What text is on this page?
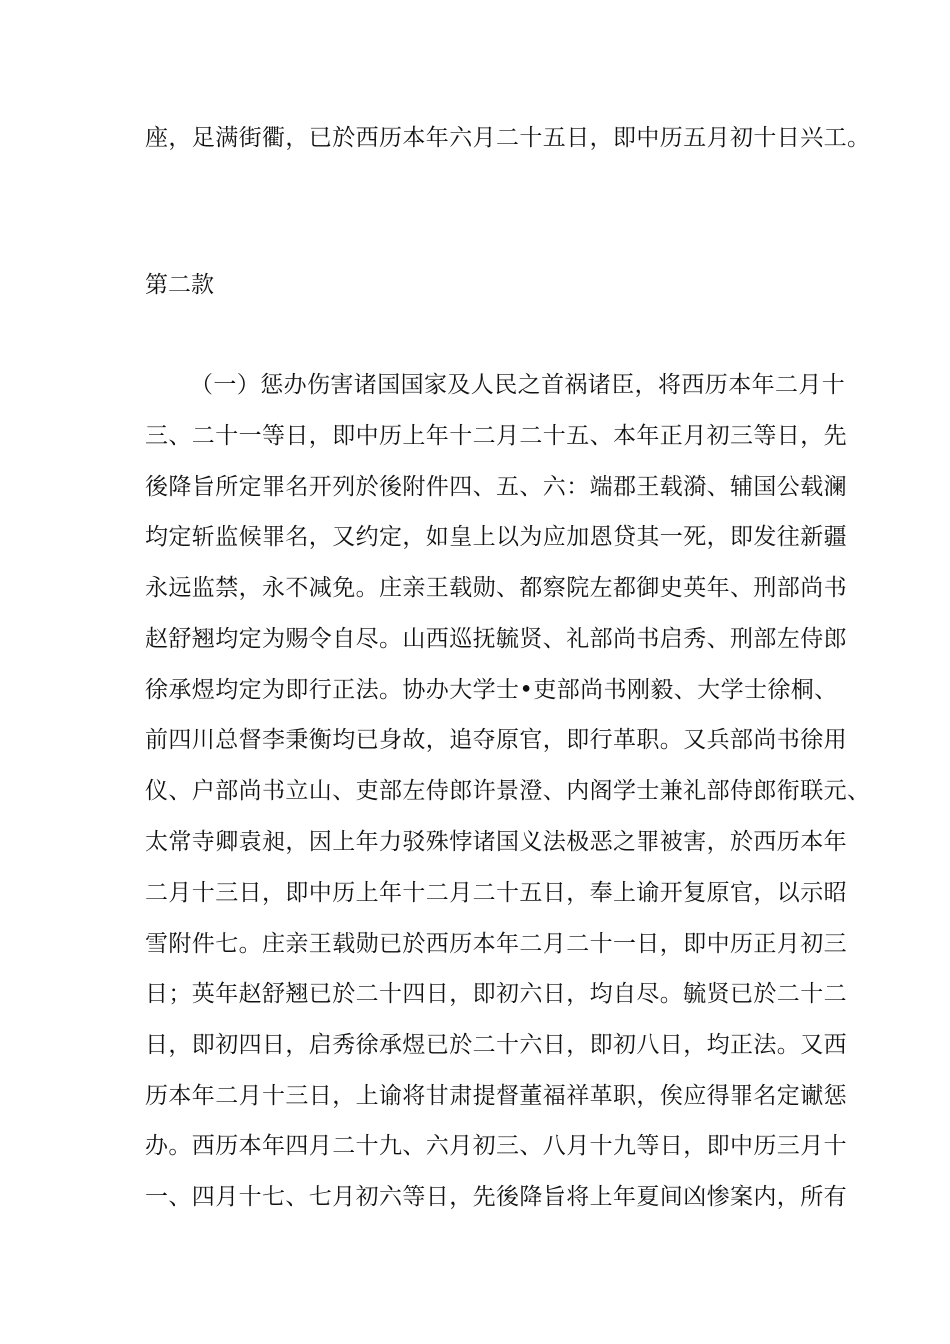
座，足满街衢，已於西历本年六月二十五日，即中历五月初十日兴工。
第二款
（一）惩办伤害诸国国家及人民之首祸诸臣，将西历本年二月十
三、二十一等日，即中历上年十二月二十五、本年正月初三等日，先
後降旨所定罪名开列於後附件四、五、六：端郡王载漪、辅国公载澜
均定斩监候罪名，又约定，如皇上以为应加恩贷其一死，即发往新疆
永远监禁，永不减免。庄亲王载勋、都察院左都御史英年、刑部尚书
赵舒翘均定为赐令自尽。山西巡抚毓贤、礼部尚书启秀、刑部左侍郎
徐承煜均定为即行正法。协办大学士•吏部尚书刚毅、大学士徐桐、
前四川总督李秉衡均已身故，追夺原官，即行革职。又兵部尚书徐用
仪、户部尚书立山、吏部左侍郎许景澄、内阁学士兼礼部侍郎衔联元、
太常寺卿袁昶，因上年力驳殊悖诸国义法极恶之罪被害，於西历本年
二月十三日，即中历上年十二月二十五日，奉上谕开复原官，以示昭
雪附件七。庄亲王载勋已於西历本年二月二十一日，即中历正月初三
日；英年赵舒翘已於二十四日，即初六日，均自尽。毓贤已於二十二
日，即初四日，启秀徐承煜已於二十六日，即初八日，均正法。又西
历本年二月十三日，上谕将甘肃提督董福祥革职，俟应得罪名定谳惩
办。西历本年四月二十九、六月初三、八月十九等日，即中历三月十
一、四月十七、七月初六等日，先後降旨将上年夏间凶惨案内，所有
